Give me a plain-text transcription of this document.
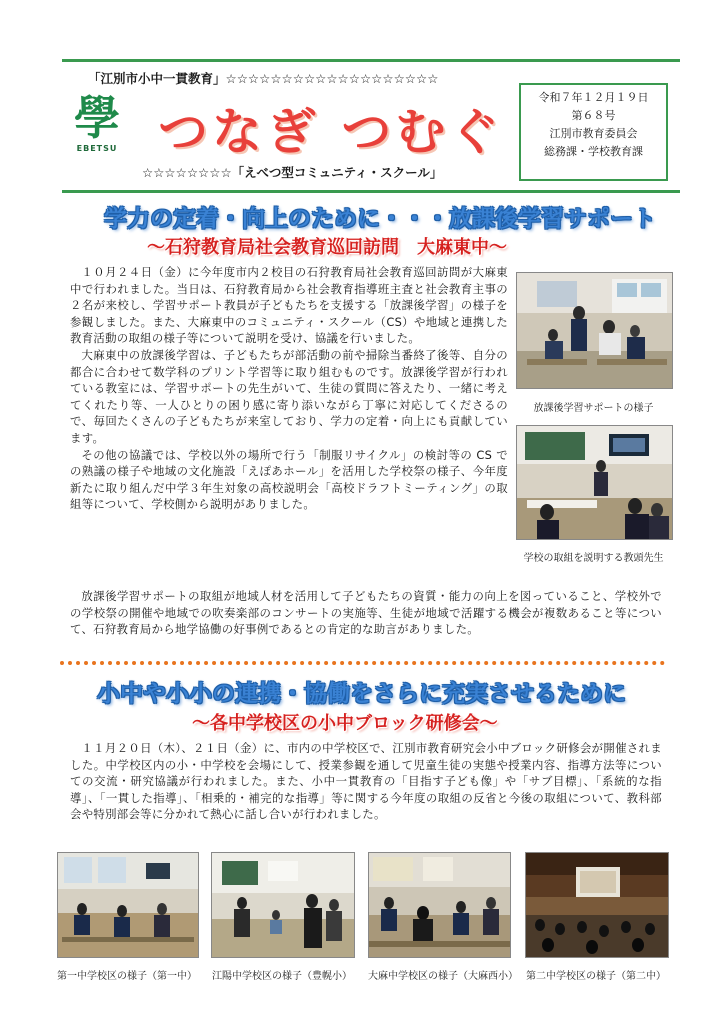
「江別市小中一貫教育」☆☆☆☆☆☆☆☆☆☆☆☆☆☆☆☆☆☆☆
☆☆☆☆☆☆☆☆「えべつ型コミュニティ・スクール」
學
EBETSU つなぎ つむぐ
令和７年１２月１９日
第６８号
江別市教育委員会
総務課・学校教育課
学力の定着・向上のために・・・放課後学習サポート
～石狩教育局社会教育巡回訪問　大麻東中～

１０月２４日（金）に今年度市内２校目の石狩教育局社会教育巡回訪問が大麻東中で行われました。当日は、石狩教育局から社会教育指導班主査と社会教育主事の２名が来校し、学習サポート教員が子どもたちを支援する「放課後学習」の様子を参観しました。また、大麻東中のコミュニティ・スクール（CS）や地域と連携した教育活動の取組の様子等について説明を受け、協議を行いました。

大麻東中の放課後学習は、子どもたちが部活動の前や掃除当番終了後等、自分の都合に合わせて数学科のプリント学習等に取り組むものです。放課後学習が行われている教室には、学習サポートの先生がいて、生徒の質問に答えたり、一緒に考えてくれたり等、一人ひとりの困り感に寄り添いながら丁寧に対応してくださるので、毎回たくさんの子どもたちが来室しており、学力の定着・向上にも貢献しています。

その他の協議では、学校以外の場所で行う「制服リサイクル」の検討等の CS での熟議の様子や地域の文化施設「えぽあホール」を活用した学校祭の様子、今年度新たに取り組んだ中学３年生対象の高校説明会「高校ドラフトミーティング」の取組等について、学校側から説明がありました。

放課後学習サポートの取組が地域人材を活用して子どもたちの資質・能力の向上を図っていること、学校外での学校祭の開催や地域での吹奏楽部のコンサートの実施等、生徒が地域で活躍する機会が複数あること等について、石狩教育局から地学協働の好事例であるとの肯定的な助言がありました。

放課後学習サポートの様子
学校の取組を説明する教頭先生
小中や小小の連携・協働をさらに充実させるために
～各中学校区の小中ブロック研修会～

１１月２０日（木）、２１日（金）に、市内の中学校区で、江別市教育研究会小中ブロック研修会が開催されました。中学校区内の小・中学校を会場にして、授業参観を通して児童生徒の実態や授業内容、指導方法等についての交流・研究協議が行われました。また、小中一貫教育の「目指す子ども像」や「サブ目標」、「系統的な指導」、「一貫した指導」、「相乗的・補完的な指導」等に関する今年度の取組の反省と今後の取組について、教科部会や特別部会等に分かれて熱心に話し合いが行われました。

第一中学校区の様子（第一中） 江陽中学校区の様子（豊幌小） 大麻中学校区の様子（大麻西小） 第二中学校区の様子（第二中）
